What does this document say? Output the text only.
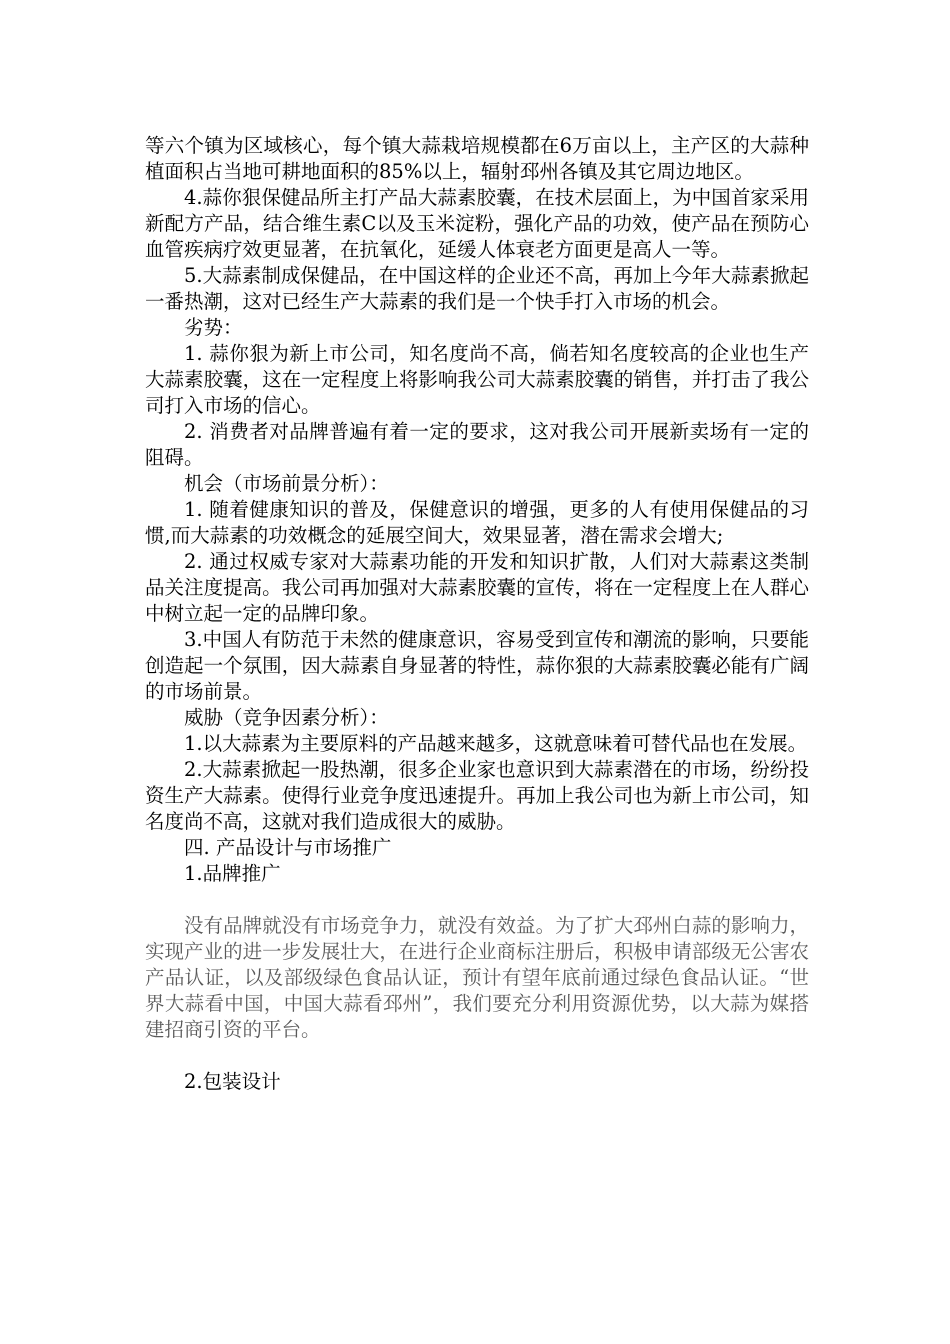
等六个镇为区域核心，每个镇大蒜栽培规模都在6万亩以上，主产区的大蒜种植面积占当地可耕地面积的85%以上，辐射邳州各镇及其它周边地区。

4.蒜你狠保健品所主打产品大蒜素胶囊，在技术层面上，为中国首家采用新配方产品，结合维生素C以及玉米淀粉，强化产品的功效，使产品在预防心血管疾病疗效更显著，在抗氧化，延缓人体衰老方面更是高人一等。

5.大蒜素制成保健品，在中国这样的企业还不高，再加上今年大蒜素掀起一番热潮，这对已经生产大蒜素的我们是一个快手打入市场的机会。

劣势：

1. 蒜你狠为新上市公司，知名度尚不高，倘若知名度较高的企业也生产大蒜素胶囊，这在一定程度上将影响我公司大蒜素胶囊的销售，并打击了我公司打入市场的信心。

2. 消费者对品牌普遍有着一定的要求，这对我公司开展新卖场有一定的阻碍。

机会（市场前景分析）：

1. 随着健康知识的普及，保健意识的增强，更多的人有使用保健品的习惯,而大蒜素的功效概念的延展空间大，效果显著，潜在需求会增大;

2. 通过权威专家对大蒜素功能的开发和知识扩散，人们对大蒜素这类制品关注度提高。我公司再加强对大蒜素胶囊的宣传，将在一定程度上在人群心中树立起一定的品牌印象。

3.中国人有防范于未然的健康意识，容易受到宣传和潮流的影响，只要能创造起一个氛围，因大蒜素自身显著的特性，蒜你狠的大蒜素胶囊必能有广阔的市场前景。

威胁（竞争因素分析）：

1.以大蒜素为主要原料的产品越来越多，这就意味着可替代品也在发展。

2.大蒜素掀起一股热潮，很多企业家也意识到大蒜素潜在的市场，纷纷投资生产大蒜素。使得行业竞争度迅速提升。再加上我公司也为新上市公司，知名度尚不高，这就对我们造成很大的威胁。

四. 产品设计与市场推广

1.品牌推广

没有品牌就没有市场竞争力，就没有效益。为了扩大邳州白蒜的影响力，实现产业的进一步发展壮大，在进行企业商标注册后，积极申请部级无公害农产品认证，以及部级绿色食品认证，预计有望年底前通过绿色食品认证。“世界大蒜看中国，中国大蒜看邳州”，我们要充分利用资源优势，以大蒜为媒搭建招商引资的平台。

2.包装设计
